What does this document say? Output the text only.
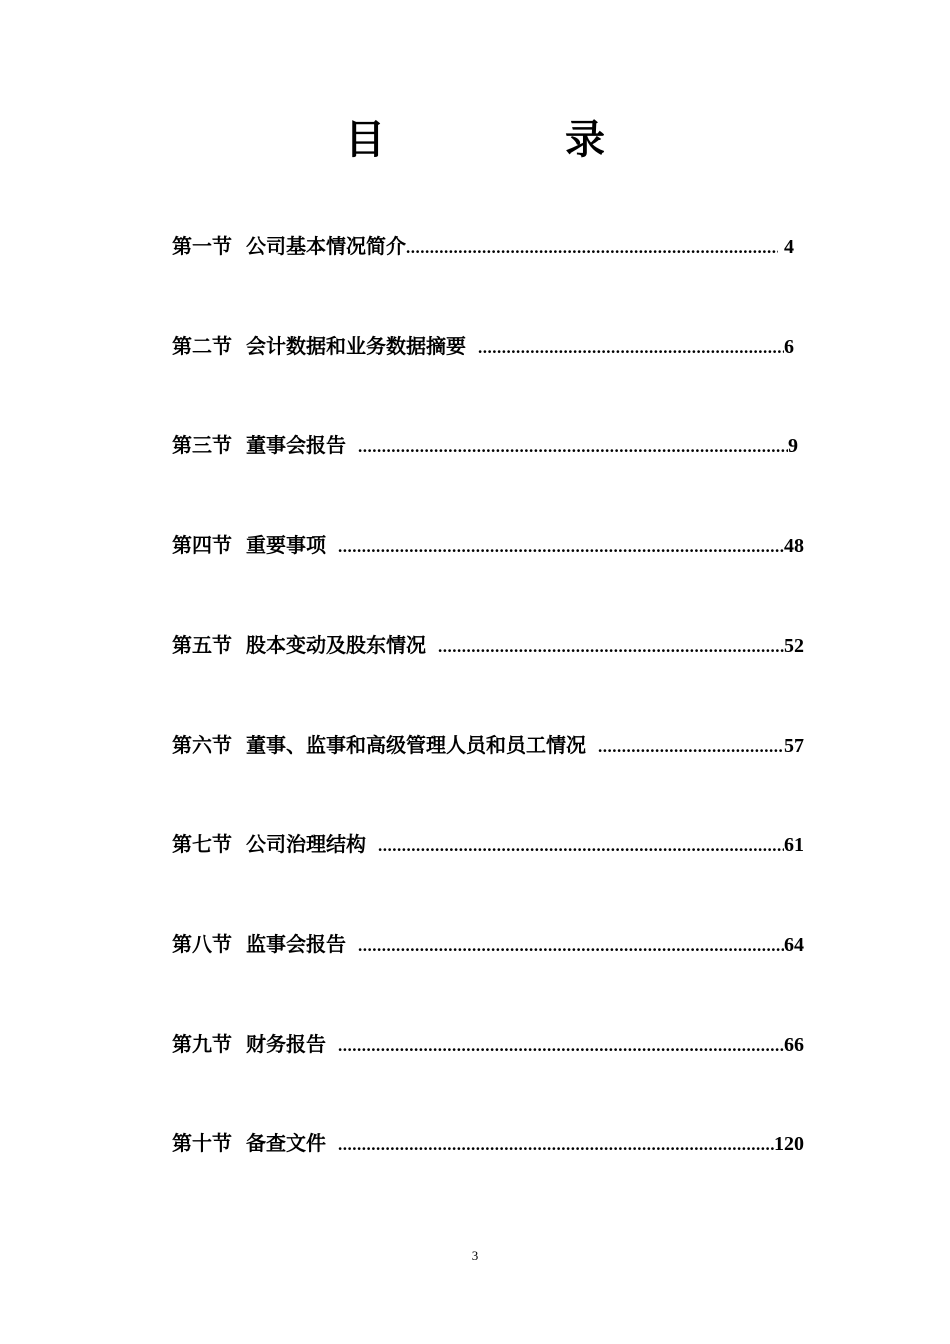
目　录
第一节 公司基本情况简介 .....	4
第二节 会计数据和业务数据摘要 .....	6
第三节 董事会报告 .....	9
第四节 重要事项 .....	48
第五节 股本变动及股东情况 .....	52
第六节 董事、监事和高级管理人员和员工情况 .....	57
第七节 公司治理结构 .....	61
第八节 监事会报告 .....	64
第九节 财务报告 .....	66
第十节 备查文件 .....	120
3
